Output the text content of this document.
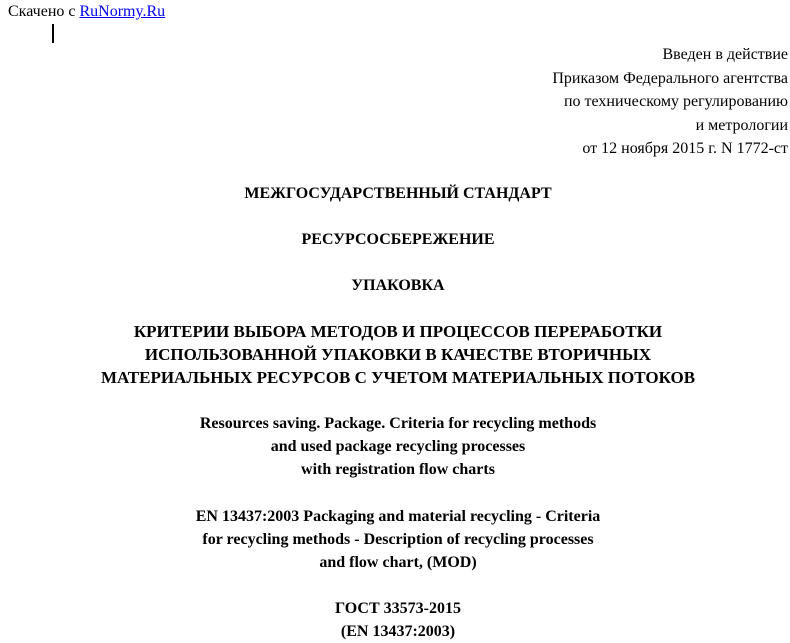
Скачено с RuNormy.Ru
Введен в действие
Приказом Федерального агентства
по техническому регулированию
и метрологии
от 12 ноября 2015 г. N 1772-ст
МЕЖГОСУДАРСТВЕННЫЙ СТАНДАРТ
РЕСУРСОСБЕРЕЖЕНИЕ
УПАКОВКА
КРИТЕРИИ ВЫБОРА МЕТОДОВ И ПРОЦЕССОВ ПЕРЕРАБОТКИ
ИСПОЛЬЗОВАННОЙ УПАКОВКИ В КАЧЕСТВЕ ВТОРИЧНЫХ
МАТЕРИАЛЬНЫХ РЕСУРСОВ С УЧЕТОМ МАТЕРИАЛЬНЫХ ПОТОКОВ
Resources saving. Package. Criteria for recycling methods
and used package recycling processes
with registration flow charts
EN 13437:2003 Packaging and material recycling - Criteria
for recycling methods - Description of recycling processes
and flow chart, (MOD)
ГОСТ 33573-2015
(EN 13437:2003)
